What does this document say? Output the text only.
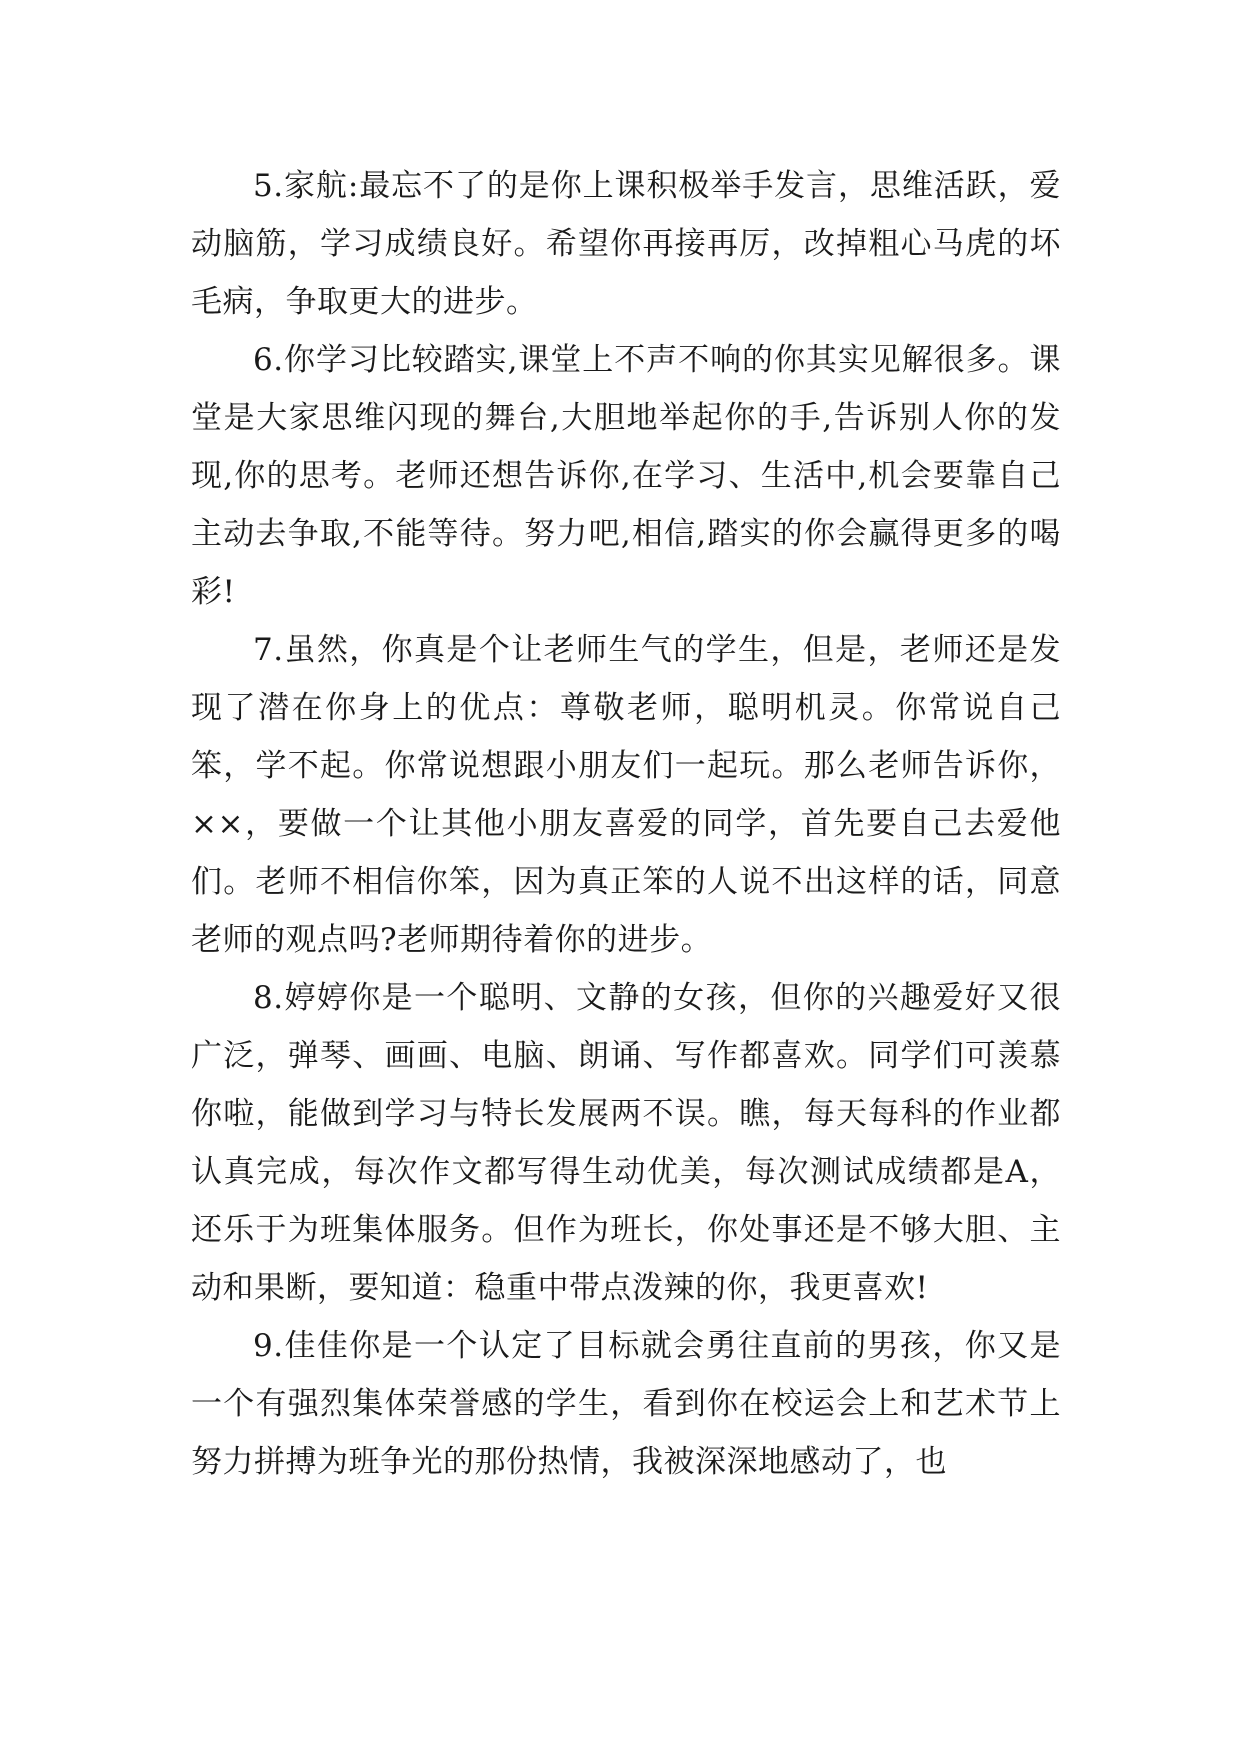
5.家航:最忘不了的是你上课积极举手发言，思维活跃，爱动脑筋，学习成绩良好。希望你再接再厉，改掉粗心马虎的坏毛病，争取更大的进步。

6.你学习比较踏实,课堂上不声不响的你其实见解很多。课堂是大家思维闪现的舞台,大胆地举起你的手,告诉别人你的发现,你的思考。老师还想告诉你,在学习、生活中,机会要靠自己主动去争取,不能等待。努力吧,相信,踏实的你会赢得更多的喝彩!

7.虽然，你真是个让老师生气的学生，但是，老师还是发现了潜在你身上的优点：尊敬老师，聪明机灵。你常说自己笨，学不起。你常说想跟小朋友们一起玩。那么老师告诉你，××，要做一个让其他小朋友喜爱的同学，首先要自己去爱他们。老师不相信你笨，因为真正笨的人说不出这样的话，同意老师的观点吗?老师期待着你的进步。

8.婷婷你是一个聪明、文静的女孩，但你的兴趣爱好又很广泛，弹琴、画画、电脑、朗诵、写作都喜欢。同学们可羡慕你啦，能做到学习与特长发展两不误。瞧，每天每科的作业都认真完成，每次作文都写得生动优美，每次测试成绩都是A，还乐于为班集体服务。但作为班长，你处事还是不够大胆、主动和果断，要知道：稳重中带点泼辣的你，我更喜欢!

9.佳佳你是一个认定了目标就会勇往直前的男孩，你又是一个有强烈集体荣誉感的学生，看到你在校运会上和艺术节上努力拼搏为班争光的那份热情，我被深深地感动了，也
